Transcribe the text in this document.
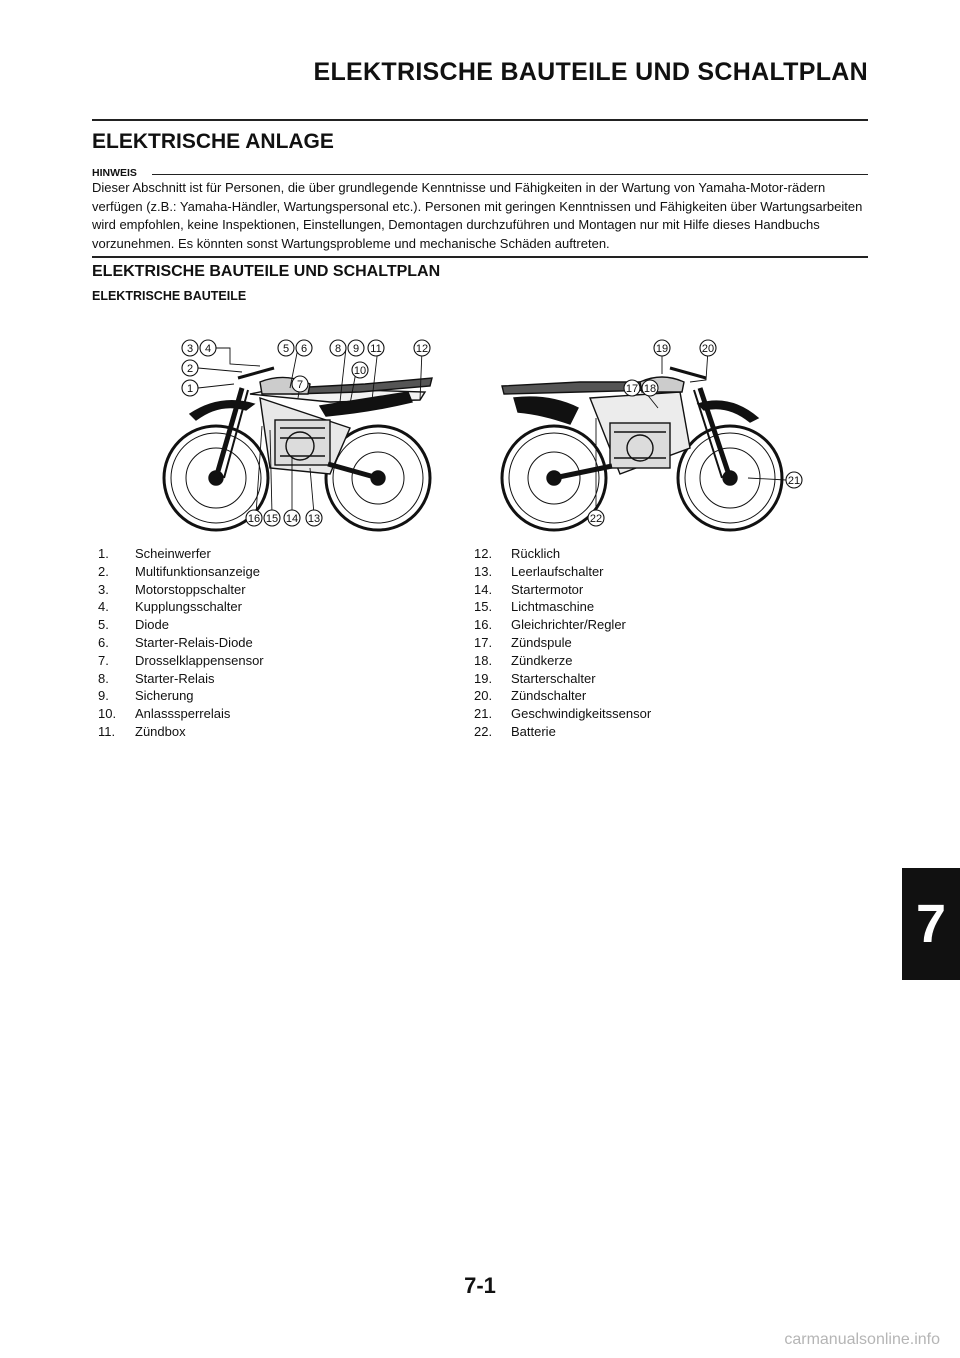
ELEKTRISCHE BAUTEILE UND SCHALTPLAN
ELEKTRISCHE ANLAGE
HINWEIS
Dieser Abschnitt ist für Personen, die über grundlegende Kenntnisse und Fähigkeiten in der Wartung von Yamaha-Motor-rädern verfügen (z.B.: Yamaha-Händler, Wartungspersonal etc.). Personen mit geringen Kenntnissen und Fähigkeiten über Wartungsarbeiten wird empfohlen, keine Inspektionen, Einstellungen, Demontagen durchzuführen und Montagen nur mit Hilfe dieses Handbuchs vorzunehmen. Es könnten sonst Wartungsprobleme und mechanische Schäden auftreten.
ELEKTRISCHE BAUTEILE UND SCHALTPLAN
ELEKTRISCHE BAUTEILE
1
2
3 4	5 6
7
8 9
10
11	12
13
14
15
16
17 18
19	20
21
22
1. Scheinwerfer
2. Multifunktionsanzeige
3. Motorstoppschalter
4. Kupplungsschalter
5. Diode
6. Starter-Relais-Diode
7. Drosselklappensensor
8. Starter-Relais
9. Sicherung
10. Anlasssperrelais
11. Zündbox
12. Rücklich
13. Leerlaufschalter
14. Startermotor
15. Lichtmaschine
16. Gleichrichter/Regler
17. Zündspule
18. Zündkerze
19. Starterschalter
20. Zündschalter
21. Geschwindigkeitssensor
22. Batterie
7
7-1
carmanualsonline.info
